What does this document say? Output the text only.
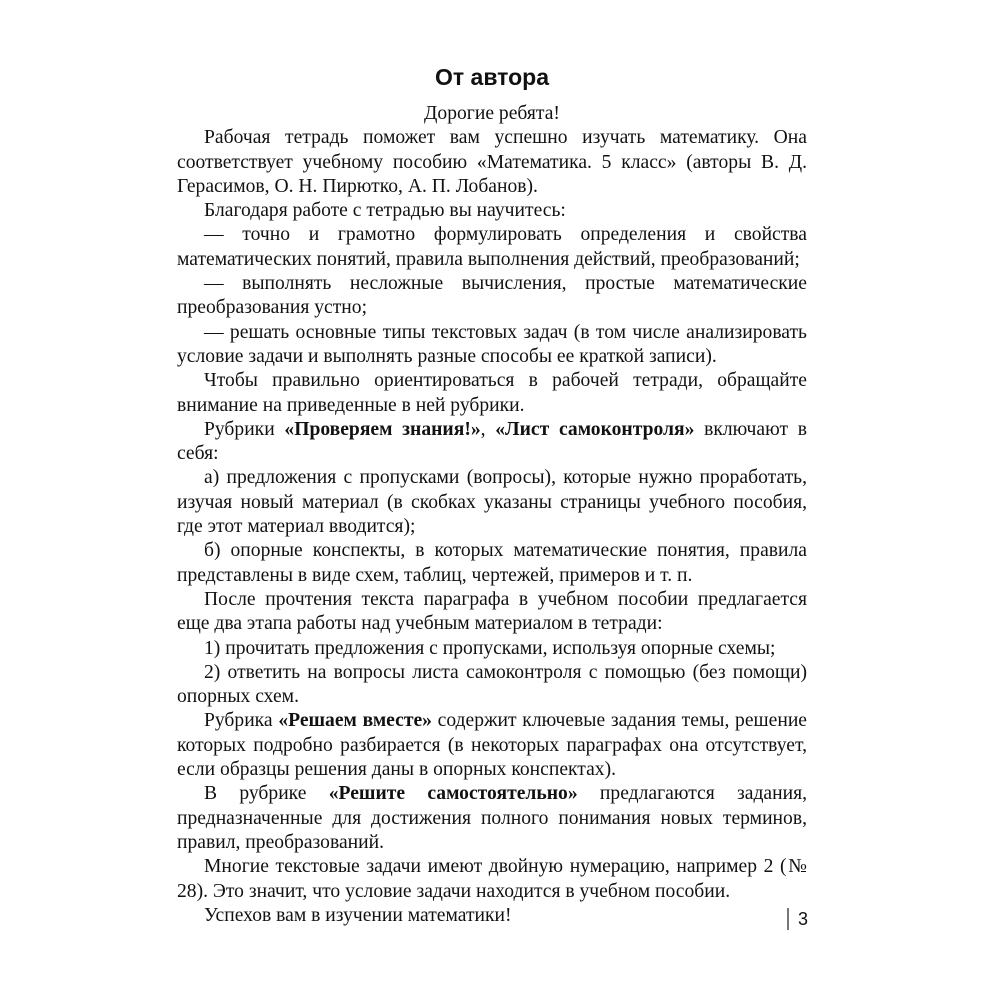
От автора
Дорогие ребята!

Рабочая тетрадь поможет вам успешно изучать математику. Она соответствует учебному пособию «Математика. 5 класс» (авторы В. Д. Герасимов, О. Н. Пирютко, А. П. Лобанов).

Благодаря работе с тетрадью вы научитесь:

— точно и грамотно формулировать определения и свойства математических понятий, правила выполнения действий, преобразований;

— выполнять несложные вычисления, простые математические преобразования устно;

— решать основные типы текстовых задач (в том числе анализировать условие задачи и выполнять разные способы ее краткой записи).

Чтобы правильно ориентироваться в рабочей тетради, обращайте внимание на приведенные в ней рубрики.

Рубрики «Проверяем знания!», «Лист самоконтроля» включают в себя:

а) предложения с пропусками (вопросы), которые нужно проработать, изучая новый материал (в скобках указаны страницы учебного пособия, где этот материал вводится);

б) опорные конспекты, в которых математические понятия, правила представлены в виде схем, таблиц, чертежей, примеров и т. п.

После прочтения текста параграфа в учебном пособии предлагается еще два этапа работы над учебным материалом в тетради:

1) прочитать предложения с пропусками, используя опорные схемы;

2) ответить на вопросы листа самоконтроля с помощью (без помощи) опорных схем.

Рубрика «Решаем вместе» содержит ключевые задания темы, решение которых подробно разбирается (в некоторых параграфах она отсутствует, если образцы решения даны в опорных конспектах).

В рубрике «Решите самостоятельно» предлагаются задания, предназначенные для достижения полного понимания новых терминов, правил, преобразований.

Многие текстовые задачи имеют двойную нумерацию, например 2 (№ 28). Это значит, что условие задачи находится в учебном пособии.

Успехов вам в изучении математики!	3
